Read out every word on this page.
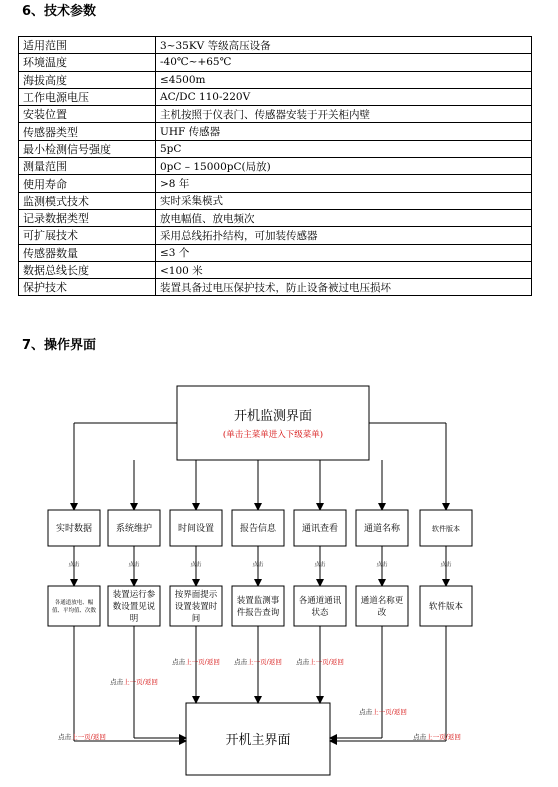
6、技术参数
适用范围	3~35KV 等级高压设备
环境温度	-40℃~+65℃
海拔高度	≤4500m
工作电源电压	AC/DC 110-220V
安装位置	主机按照于仪表门、传感器安装于开关柜内壁
传感器类型	UHF 传感器
最小检测信号强度	5pC
测量范围	0pC – 15000pC(局放)
使用寿命	>8 年
监测模式技术	实时采集模式
记录数据类型	放电幅值、放电频次
可扩展技术	采用总线拓扑结构，可加装传感器
传感器数量	≤3 个
数据总线长度	<100 米
保护技术	装置具备过电压保护技术，防止设备被过电压损坏
7、操作界面
开机监测界面
(单击主菜单进入下级菜单)
实时数据
点击
各通道放电、幅
值、平均值、次数
系统维护
点击
装置运行参
数设置见说
明
时间设置
点击
按界面提示
设置装置时
间
报告信息
点击
装置监测事
件报告查询
通讯查看
点击
各通道通讯
状态
通道名称
点击
通道名称更
改
软件版本
点击
软件版本
开机主界面
点击上一页/返回 点击上一页/返回 点击上一页/返回
点击上一页/返回
点击上一页/返回
点击上一页/返回
点击上一页/返回
